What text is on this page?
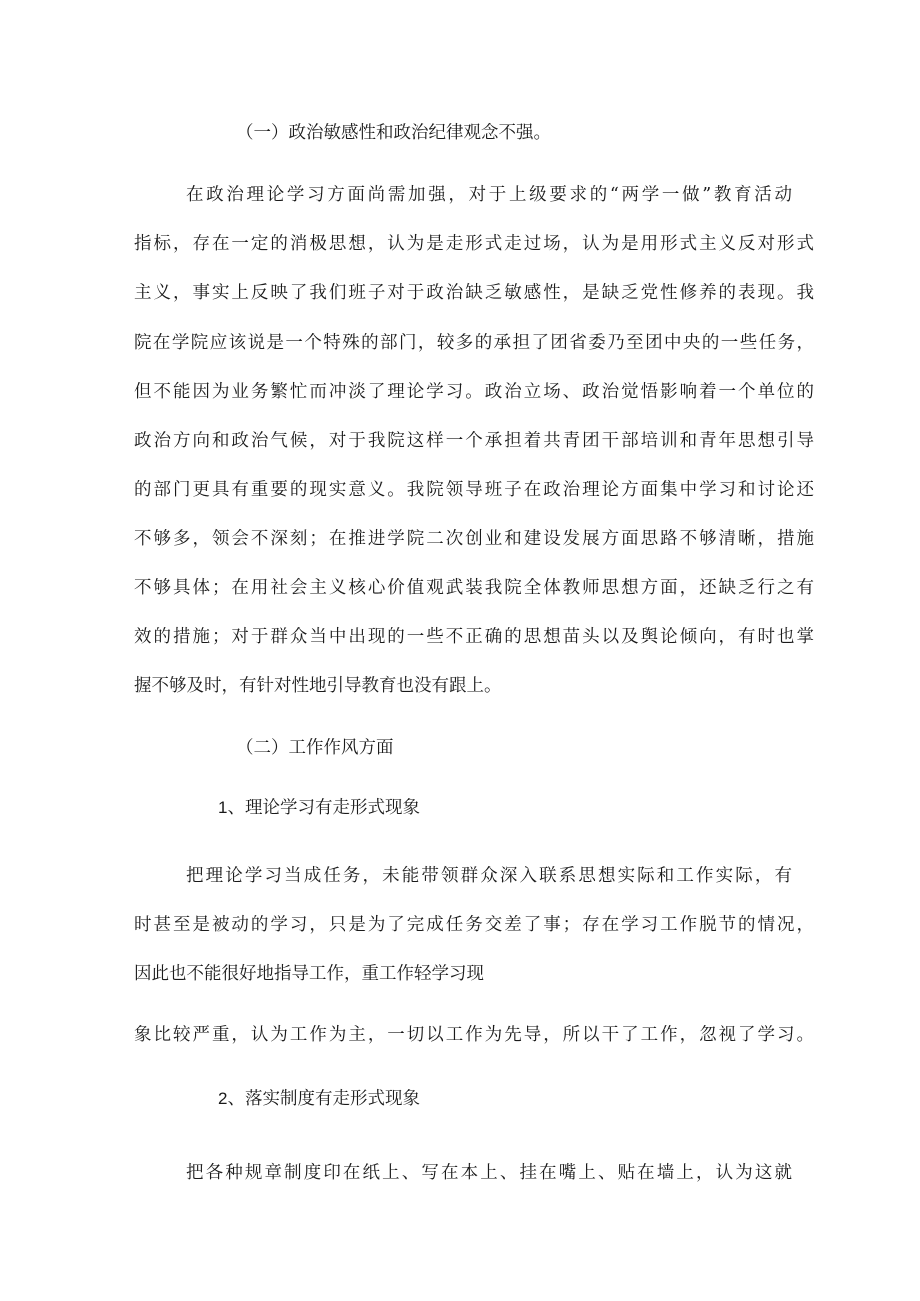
（一）政治敏感性和政治纪律观念不强。
在政治理论学习方面尚需加强，对于上级要求的“两学一做”教育活动
指标，存在一定的消极思想，认为是走形式走过场，认为是用形式主义反对形式
主义，事实上反映了我们班子对于政治缺乏敏感性，是缺乏党性修养的表现。我
院在学院应该说是一个特殊的部门，较多的承担了团省委乃至团中央的一些任务，
但不能因为业务繁忙而冲淡了理论学习。政治立场、政治觉悟影响着一个单位的
政治方向和政治气候，对于我院这样一个承担着共青团干部培训和青年思想引导
的部门更具有重要的现实意义。我院领导班子在政治理论方面集中学习和讨论还
不够多，领会不深刻；在推进学院二次创业和建设发展方面思路不够清晰，措施
不够具体；在用社会主义核心价值观武装我院全体教师思想方面，还缺乏行之有
效的措施；对于群众当中出现的一些不正确的思想苗头以及舆论倾向，有时也掌
握不够及时，有针对性地引导教育也没有跟上。
（二）工作作风方面
1、理论学习有走形式现象
把理论学习当成任务，未能带领群众深入联系思想实际和工作实际，有
时甚至是被动的学习，只是为了完成任务交差了事；存在学习工作脱节的情况，
因此也不能很好地指导工作，重工作轻学习现
象比较严重，认为工作为主，一切以工作为先导，所以干了工作，忽视了学习。
2、落实制度有走形式现象
把各种规章制度印在纸上、写在本上、挂在嘴上、贴在墙上，认为这就
